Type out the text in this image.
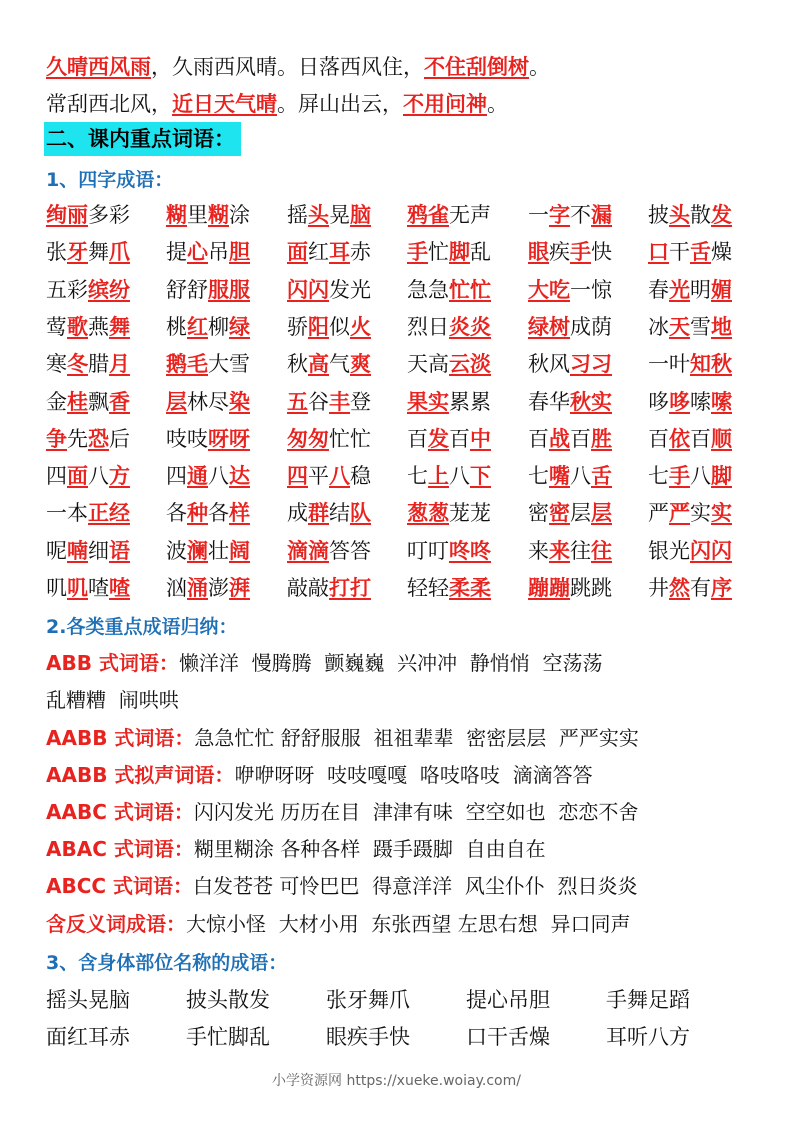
久晴西风雨，久雨西风晴。日落西风住，不住刮倒树。
常刮西北风，近日天气晴。屏山出云，不用问神。
二、课内重点词语：
1、四字成语：
绚丽多彩 糊里糊涂 摇头晃脑 鸦雀无声 一字不漏 披头散发
张牙舞爪 提心吊胆 面红耳赤 手忙脚乱 眼疾手快 口干舌燥
五彩缤纷 舒舒服服 闪闪发光 急急忙忙 大吃一惊 春光明媚
莺歌燕舞 桃红柳绿 骄阳似火 烈日炎炎 绿树成荫 冰天雪地
寒冬腊月 鹅毛大雪 秋高气爽 天高云淡 秋风习习 一叶知秋
金桂飘香 层林尽染 五谷丰登 果实累累 春华秋实 哆哆嗦嗦
争先恐后 吱吱呀呀 匆匆忙忙 百发百中 百战百胜 百依百顺
四面八方 四通八达 四平八稳 七上八下 七嘴八舌 七手八脚
一本正经 各种各样 成群结队 葱葱茏茏 密密层层 严严实实
呢喃细语 波澜壮阔 滴滴答答 叮叮咚咚 来来往往 银光闪闪
叽叽喳喳 汹涌澎湃 敲敲打打 轻轻柔柔 蹦蹦跳跳 井然有序
2.各类重点成语归纳：
ABB 式词语：懒洋洋  慢腾腾  颤巍巍  兴冲冲  静悄悄  空荡荡
乱糟糟  闹哄哄
AABB 式词语：急急忙忙 舒舒服服  祖祖辈辈  密密层层  严严实实
AABB 式拟声词语：咿咿呀呀  吱吱嘎嘎  咯吱咯吱  滴滴答答
AABC 式词语：闪闪发光 历历在目  津津有味  空空如也  恋恋不舍
ABAC 式词语：糊里糊涂 各种各样  蹑手蹑脚  自由自在
ABCC 式词语：白发苍苍 可怜巴巴  得意洋洋  风尘仆仆  烈日炎炎
含反义词成语：大惊小怪  大材小用  东张西望 左思右想  异口同声
3、含身体部位名称的成语：
摇头晃脑	披头散发	张牙舞爪	提心吊胆	手舞足蹈
面红耳赤	手忙脚乱	眼疾手快	口干舌燥	耳听八方
小学资源网 https://xueke.woiay.com/
